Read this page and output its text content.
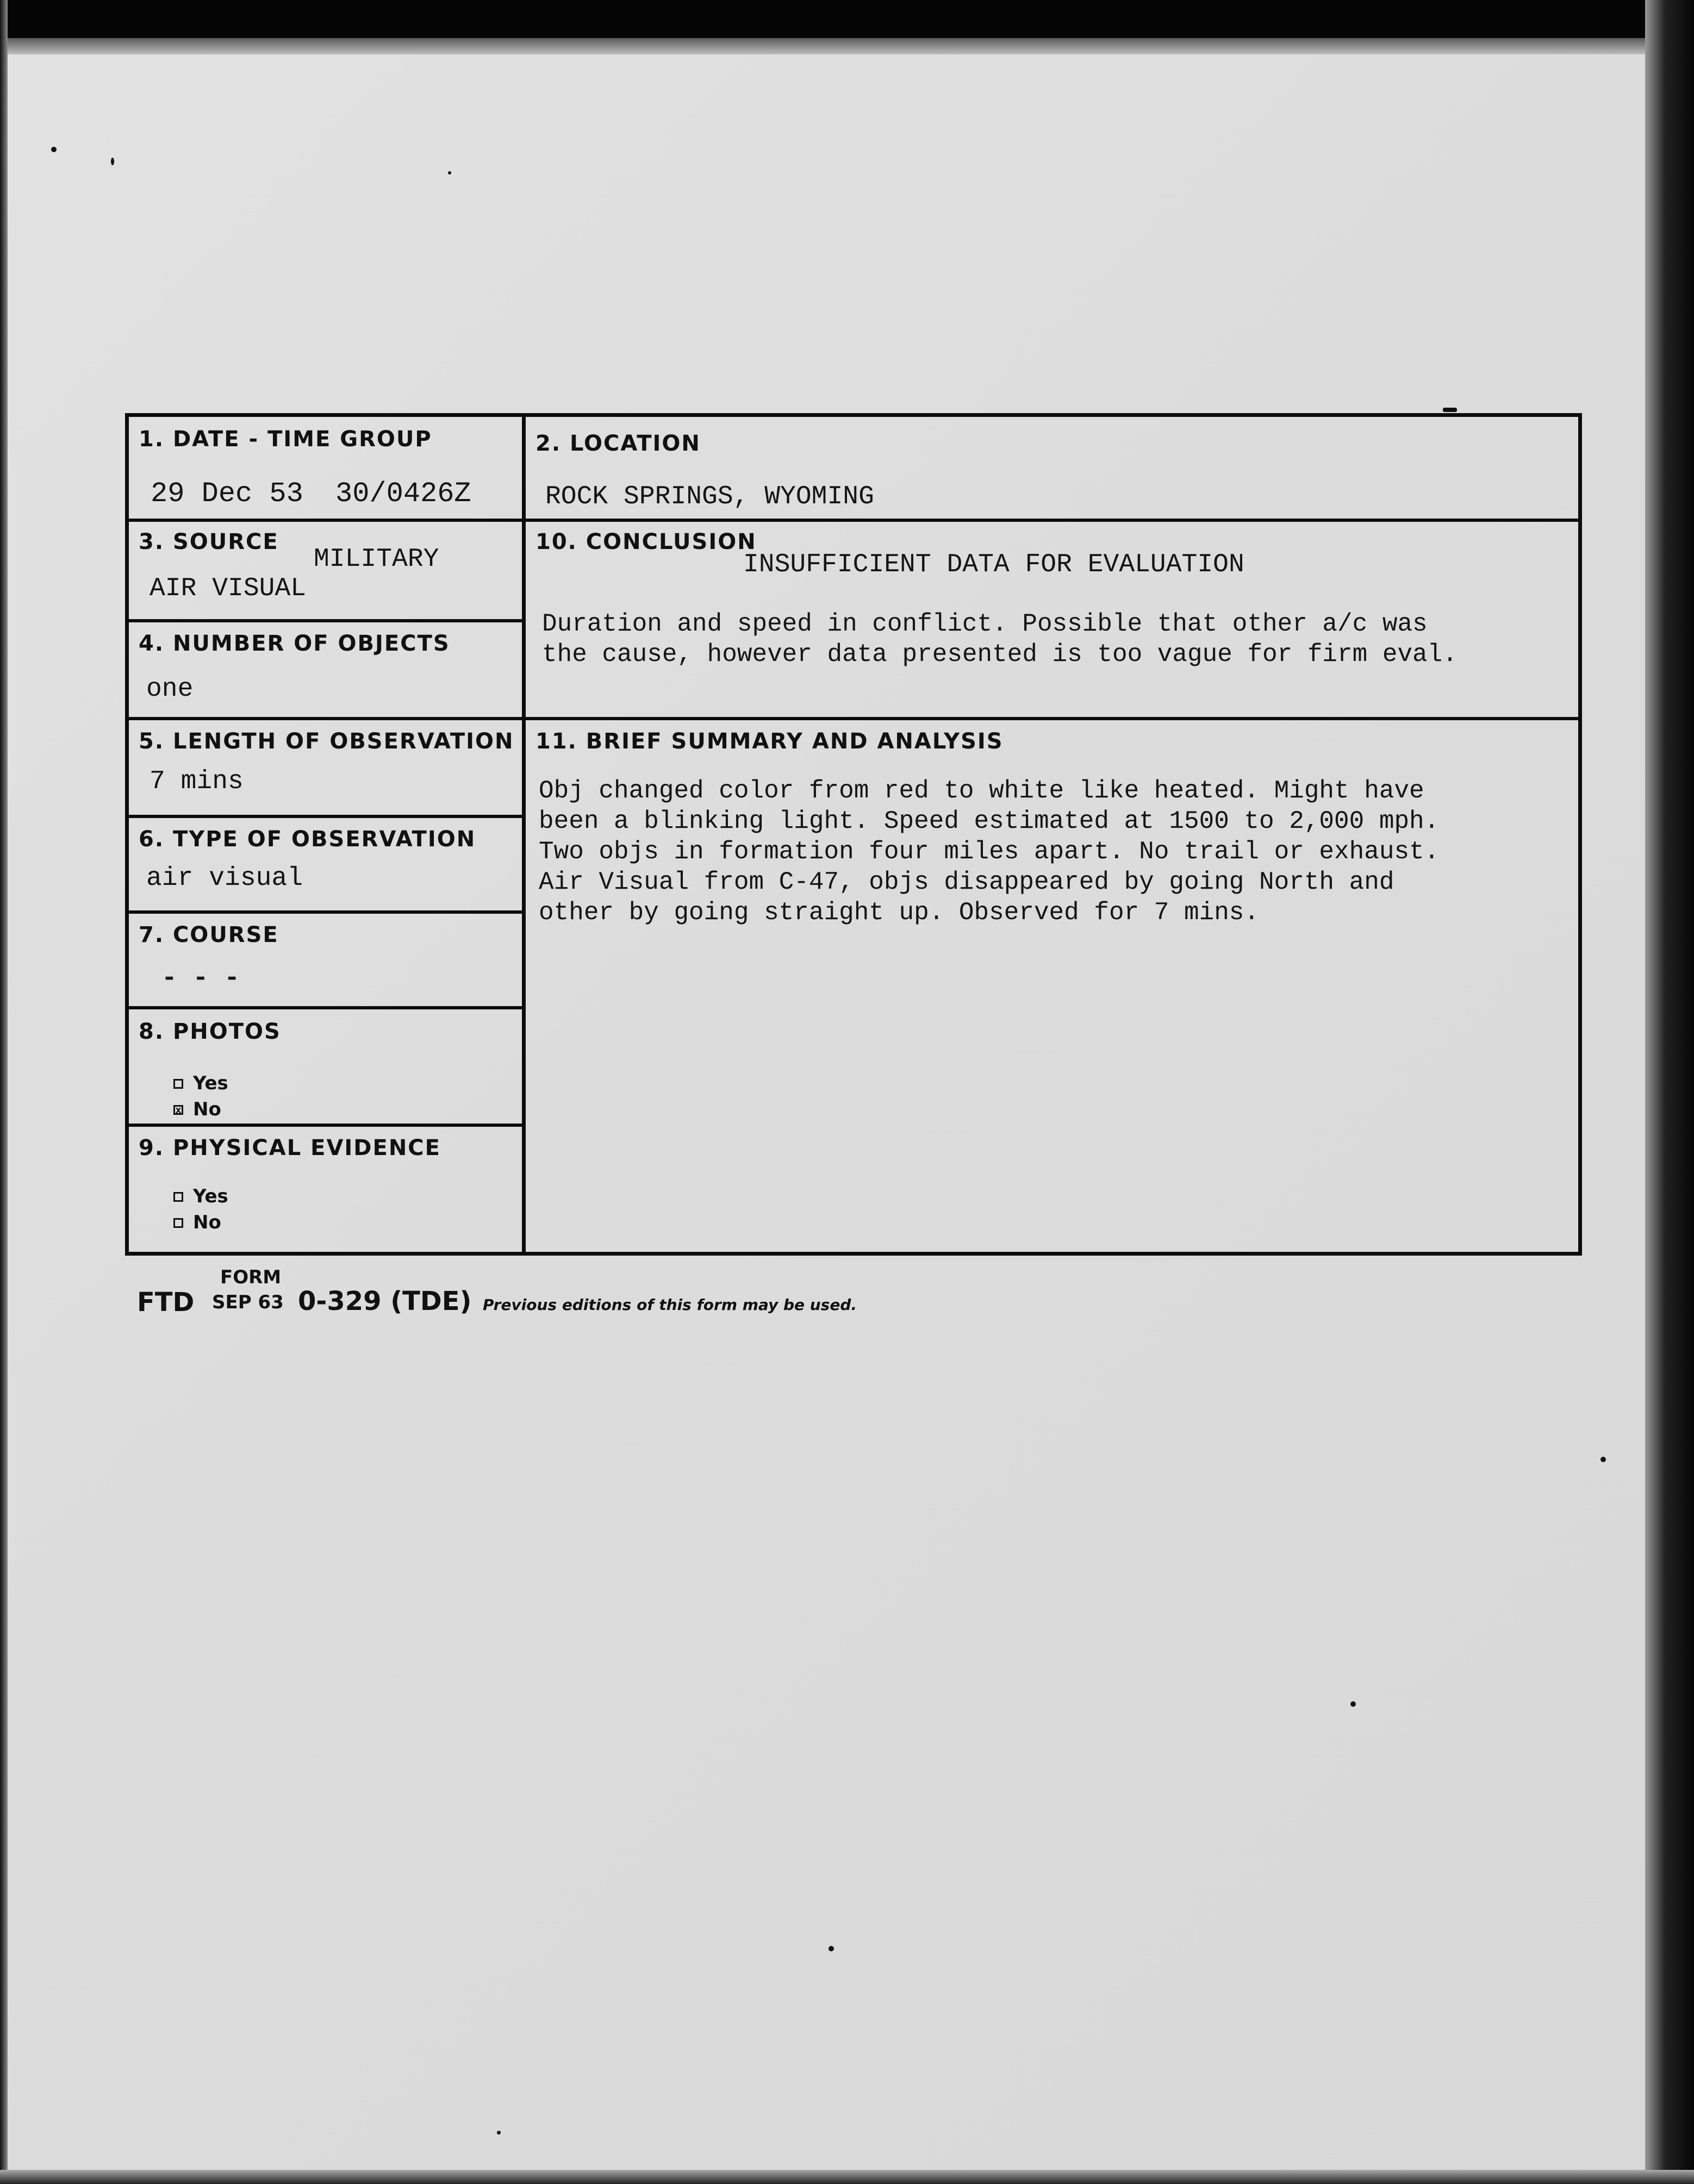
1. DATE - TIME GROUP
29 Dec 53 30/0426Z
3. SOURCE
MILITARY
AIR VISUAL
4. NUMBER OF OBJECTS
one
5. LENGTH OF OBSERVATION
7 mins
6. TYPE OF OBSERVATION
air visual
7. COURSE
- - -
8. PHOTOS
Yes
x No
9. PHYSICAL EVIDENCE
Yes
No
2. LOCATION
ROCK SPRINGS, WYOMING
10. CONCLUSION
INSUFFICIENT DATA FOR EVALUATION
Duration and speed in conflict. Possible that other a/c was
the cause, however data presented is too vague for firm eval.
11. BRIEF SUMMARY AND ANALYSIS
Obj changed color from red to white like heated. Might have
been a blinking light. Speed estimated at 1500 to 2,000 mph.
Two objs in formation four miles apart. No trail or exhaust.
Air Visual from C-47, objs disappeared by going North and
other by going straight up. Observed for 7 mins.
FTD
FORM
SEP 63 0-329 (TDE) Previous editions of this form may be used.
